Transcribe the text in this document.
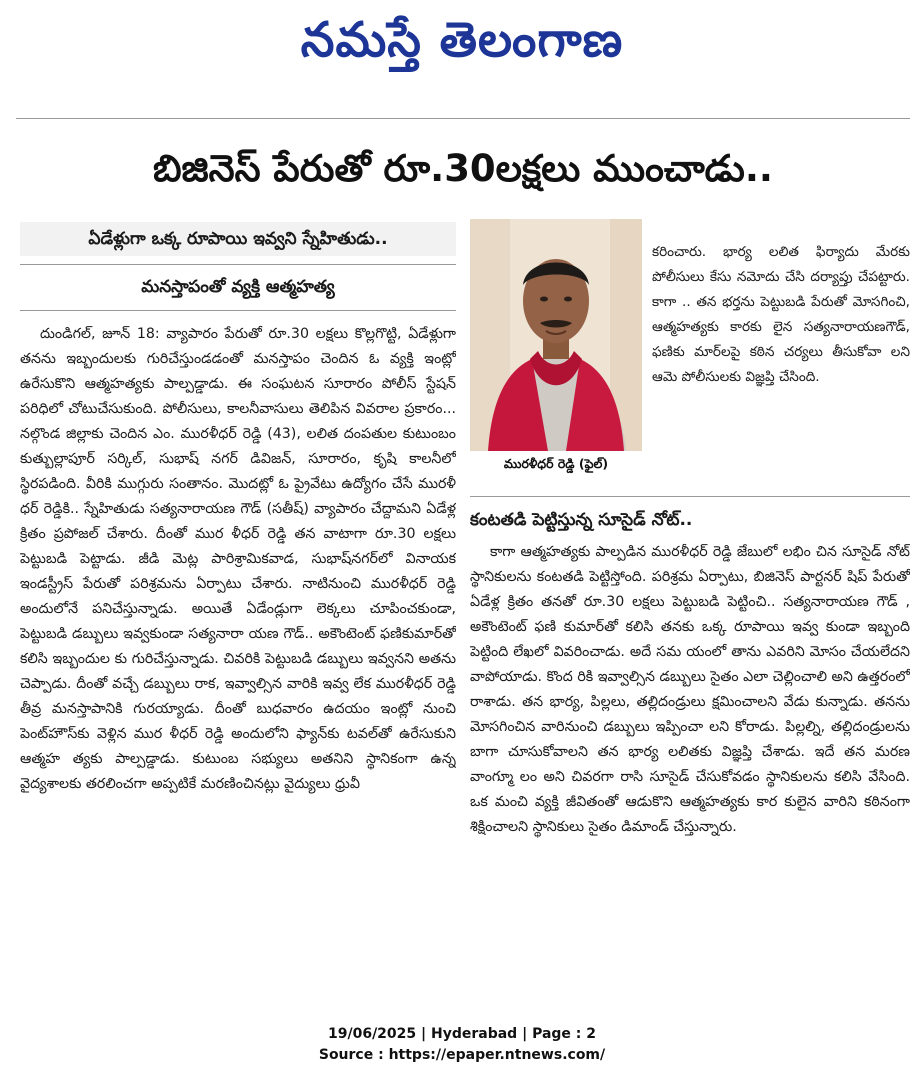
నమస్తే తెలంగాణ
బిజినెస్ పేరుతో రూ.30లక్షలు ముంచాడు..
ఏడేళ్లుగా ఒక్క రూపాయి ఇవ్వని స్నేహితుడు..
మనస్తాపంతో వ్యక్తి ఆత్మహత్య

దుండిగల్, జూన్ 18: వ్యాపారం పేరుతో రూ.30 లక్షలు కొల్లగొట్టి, ఏడేళ్లుగా తనను ఇబ్బందులకు గురిచేస్తుండడంతో మనస్తాపం చెందిన ఓ వ్యక్తి ఇంట్లో ఉరేసుకొని ఆత్మహత్యకు పాల్పడ్డాడు. ఈ సంఘటన సూరారం పోలీస్ స్టేషన్ పరిధిలో చోటుచేసుకుంది. పోలీసులు, కాలనీవాసులు తెలిపిన వివరాల ప్రకారం... నల్గొండ జిల్లాకు చెందిన ఎం. మురళీధర్ రెడ్డి (43), లలిత దంపతుల కుటుంబం కుత్బుల్లాపూర్ సర్కిల్, సుభాష్ నగర్ డివిజన్, సూరారం, కృషి కాలనీలో స్థిరపడింది. వీరికి ముగ్గురు సంతానం. మొదట్లో ఓ ప్రైవేటు ఉద్యోగం చేసే మురళీ ధర్ రెడ్డికి.. స్నేహితుడు సత్యనారాయణ గౌడ్ (సతీష్) వ్యాపారం చేద్దామని ఏడేళ్ల క్రితం ప్రపోజల్ చేశారు. దీంతో ముర ళీధర్ రెడ్డి తన వాటాగా రూ.30 లక్షలు పెట్టుబడి పెట్టాడు. జీడి మెట్ల పారిశ్రామికవాడ, సుభాష్‌నగర్‌లో వినాయక ఇండస్ట్రీస్ పేరుతో పరిశ్రమను ఏర్పాటు చేశారు. నాటినుంచి మురళీధర్ రెడ్డి అందులోనే పనిచేస్తున్నాడు. అయితే ఏడేండ్లుగా లెక్కలు చూపించకుండా, పెట్టుబడి డబ్బులు ఇవ్వకుండా సత్యనారా యణ గౌడ్.. అకౌంటెంట్ ఫణికుమార్‌తో కలిసి ఇబ్బందుల కు గురిచేస్తున్నాడు. చివరికి పెట్టుబడి డబ్బులు ఇవ్వనని అతను చెప్పాడు. దీంతో వచ్చే డబ్బులు రాక, ఇవ్వాల్సిన వారికి ఇవ్వ లేక మురళీధర్ రెడ్డి తీవ్ర మనస్తాపానికి గురయ్యాడు. దీంతో బుధవారం ఉదయం ఇంట్లో నుంచి పెంట్‌హౌస్‌కు వెళ్లిన ముర ళీధర్ రెడ్డి అందులోని ఫ్యాన్‌కు టవల్‌తో ఉరేసుకుని ఆత్మహ త్యకు పాల్పడ్డాడు. కుటుంబ సభ్యులు అతనిని స్థానికంగా ఉన్న వైద్యశాలకు తరలించగా అప్పటికే మరణించినట్లు వైద్యులు ధ్రువీ

మురళీధర్ రెడ్డి (ఫైల్)

కరించారు. భార్య లలిత ఫిర్యాదు మేరకు పోలీసులు కేసు నమోదు చేసి దర్యాప్తు చేపట్టారు. కాగా .. తన భర్తను పెట్టుబడి పేరుతో మోసగించి, ఆత్మహత్యకు కారకు లైన సత్యనారాయణగౌడ్, ఫణికు మార్‌లపై కఠిన చర్యలు తీసుకోవా లని ఆమె పోలీసులకు విజ్ఞప్తి చేసింది.

కంటతడి పెట్టిస్తున్న సూసైడ్ నోట్..

కాగా ఆత్మహత్యకు పాల్పడిన మురళీధర్ రెడ్డి జేబులో లభిం చిన సూసైడ్ నోట్ స్థానికులను కంటతడి పెట్టిస్తోంది. పరిశ్రమ ఏర్పాటు, బిజినెస్ పార్టనర్ షిప్ పేరుతో ఏడేళ్ల క్రితం తనతో రూ.30 లక్షలు పెట్టుబడి పెట్టించి.. సత్యనారాయణ గౌడ్ , అకౌంటెంట్ ఫణి కుమార్‌తో కలిసి తనకు ఒక్క రూపాయి ఇవ్వ కుండా ఇబ్బంది పెట్టింది లేఖలో వివరించాడు. అదే సమ యంలో తాను ఎవరిని మోసం చేయలేదని వాపోయాడు. కొంద రికి ఇవ్వాల్సిన డబ్బులు సైతం ఎలా చెల్లించాలి అని ఉత్తరంలో రాశాడు. తన భార్య, పిల్లలు, తల్లిదండ్రులు క్షమించాలని వేడు కున్నాడు. తనను మోసగించిన వారినుంచి డబ్బులు ఇప్పించా లని కోరాడు. పిల్లల్ని, తల్లిదండ్రులను బాగా చూసుకోవాలని తన భార్య లలితకు విజ్ఞప్తి చేశాడు. ఇదే తన మరణ వాంగ్మూ లం అని చివరగా రాసి సూసైడ్ చేసుకోవడం స్థానికులను కలిసి వేసింది. ఒక మంచి వ్యక్తి జీవితంతో ఆడుకొని ఆత్మహత్యకు కార కులైన వారిని కఠినంగా శిక్షించాలని స్థానికులు సైతం డిమాండ్ చేస్తున్నారు.

19/06/2025 | Hyderabad | Page : 2
Source : https://epaper.ntnews.com/
